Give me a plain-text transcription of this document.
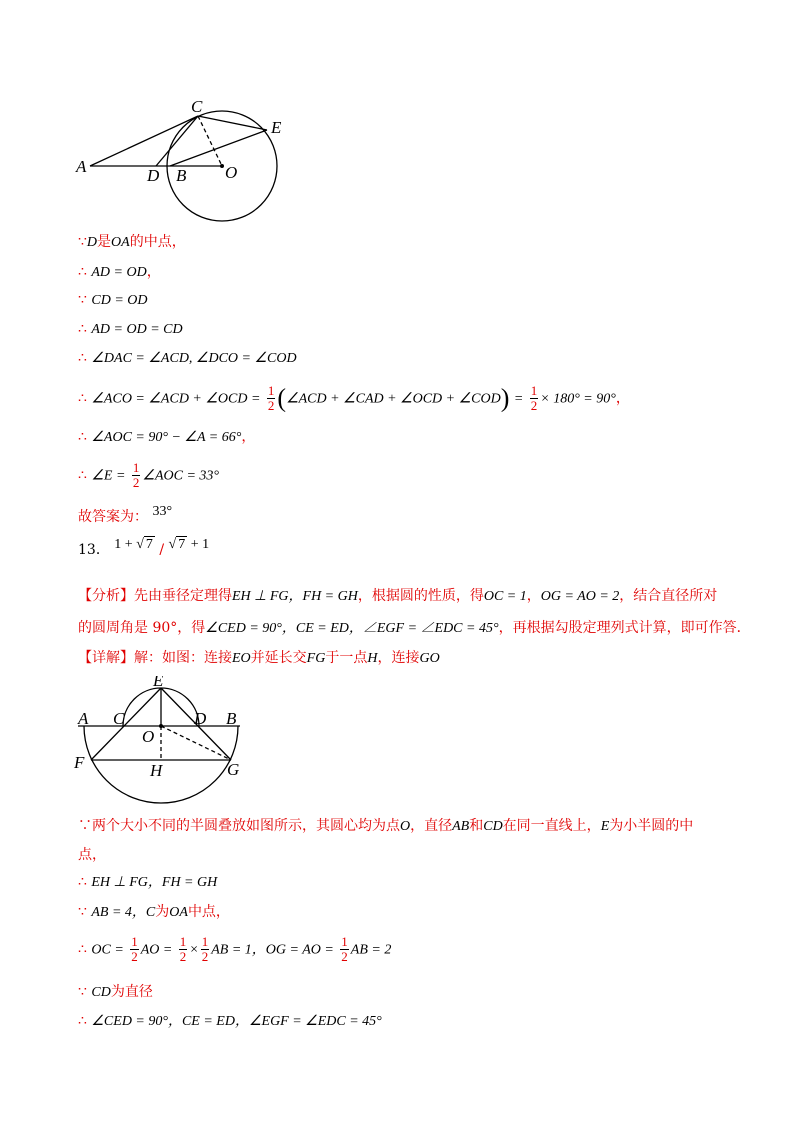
A
C
E
D B O
∵D是OA的中点，
∴ AD = OD，
∵ CD = OD
∴ AD = OD = CD
∴ ∠DAC = ∠ACD, ∠DCO = ∠COD
∴ ∠ACO = ∠ACD + ∠OCD = $\frac{1}{2}$ (∠ACD + ∠CAD + ∠OCD + ∠COD) = $\frac{1}{2} \times 180^\circ = 90^\circ$，
∴ ∠AOC = 90° − ∠A = 66°，
∴ ∠E = $\frac{1}{2}$ ∠AOC = 33°
故答案为： 33°
13． 1 + √ 7 / √ 7 + 1
【分析】先由垂径定理得EH ⊥ FG，FH = GH，根据圆的性质，得OC = 1，OG = AO = 2，结合直径所对
的圆周角是 90°，得∠CED = 90°，CE = ED，∠EGF = ∠EDC = 45°，再根据勾股定理列式计算，即可作答．
【详解】解：如图：连接EO并延长交FG于一点H，连接GO
E
A C	D B
O
F	G
H
∵两个大小不同的半圆叠放如图所示，其圆心均为点O，直径AB和CD在同一直线上，E为小半圆的中
点，
∴ EH ⊥ FG，FH = GH
∵ AB = 4，C为OA中点，
∴ OC = $\frac{1}{2}$ AO = $\frac{1}{2} \times \frac{1}{2}$ AB = 1，OG = AO = $\frac{1}{2}$ AB = 2
∵ CD为直径
∴ ∠CED = 90°，CE = ED，∠EGF = ∠EDC = 45°
